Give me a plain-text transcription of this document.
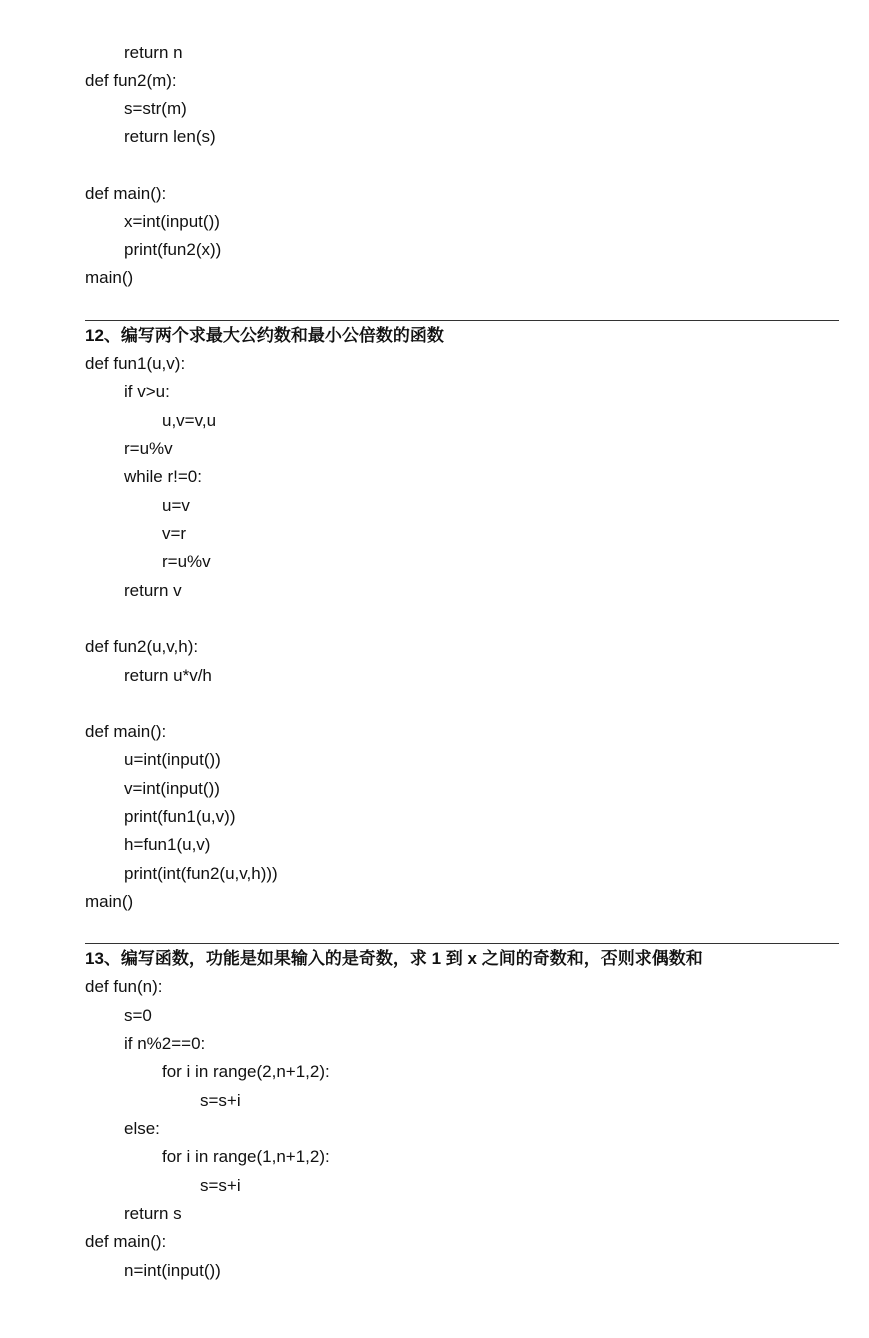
return n
def fun2(m):
s=str(m)
return len(s)
def main():
x=int(input())
print(fun2(x))
main()
12、编写两个求最大公约数和最小公倍数的函数
def fun1(u,v):
if v>u:
u,v=v,u
r=u%v
while r!=0:
u=v
v=r
r=u%v
return v
def fun2(u,v,h):
return u*v/h
def main():
u=int(input())
v=int(input())
print(fun1(u,v))
h=fun1(u,v)
print(int(fun2(u,v,h)))
main()
13、编写函数，功能是如果输入的是奇数，求 1 到 x 之间的奇数和，否则求偶数和
def fun(n):
s=0
if n%2==0:
for i in range(2,n+1,2):
s=s+i
else:
for i in range(1,n+1,2):
s=s+i
return s
def main():
n=int(input())
